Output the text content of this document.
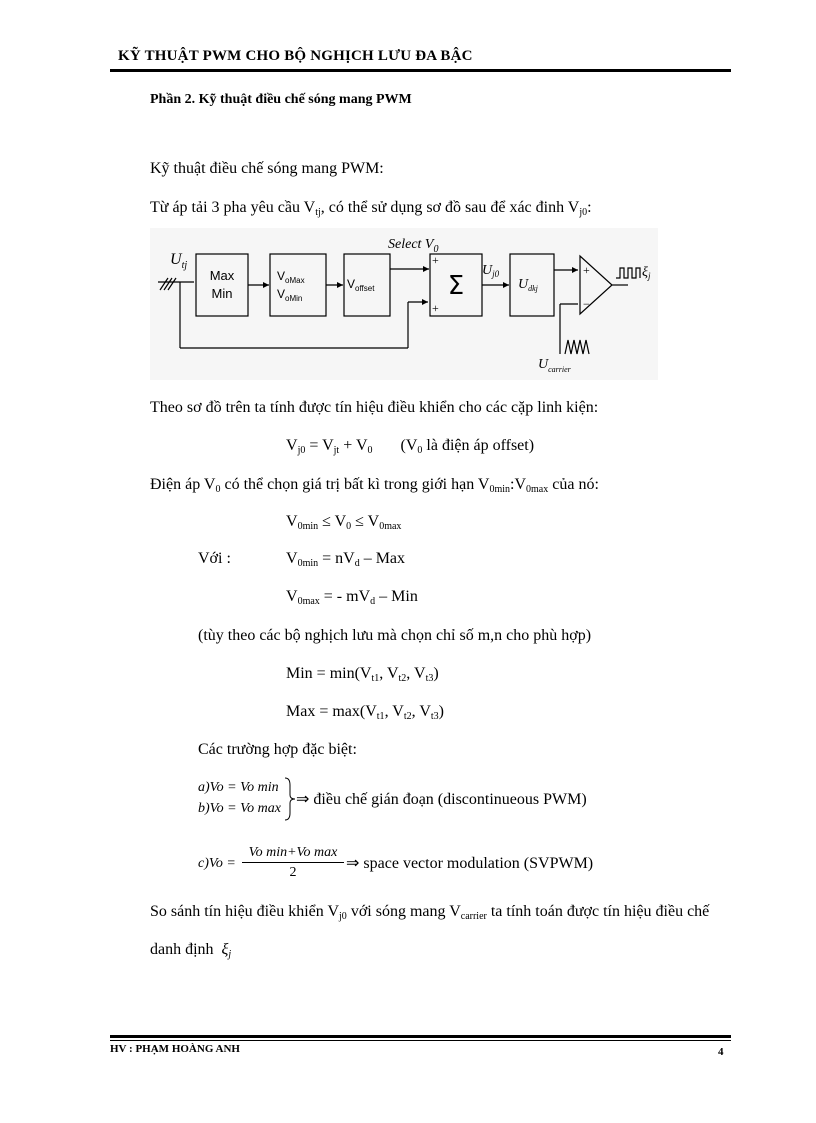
KỸ THUẬT PWM CHO BỘ NGHỊCH LƯU ĐA BẬC
Phần 2. Kỹ thuật điều chế sóng mang PWM
Kỹ thuật điều chế sóng mang PWM:
Từ áp tải 3 pha yêu cầu $V_{tj}$, có thể sử dụng sơ đồ sau để xác đinh $V_{j0}$:
$U_{tj}$
Max
Min
$V_{oMax}$
$V_{oMin}$
$V_{offset}$
Select $V_0$
+
+
Σ
$U_{j0}$
$U_{dkj}$
+
−
$\xi_j$
$U_{carrier}$
Theo sơ đồ trên ta tính được tín hiệu điều khiển cho các cặp linh kiện:
$V_{j0} = V_{jt} + V_0$ ($V_0$ là điện áp offset)
Điện áp $V_0$ có thể chọn giá trị bất kì trong giới hạn $V_{0min}:V_{0max}$ của nó:
$V_{0min} \le V_0 \le V_{0max}$
Với :	$V_{0min} = nV_d$ – Max
$V_{0max}$ = - $mV_d$ – Min
(tùy theo các bộ nghịch lưu mà chọn chỉ số m,n cho phù hợp)
Min = $\min(V_{t1}$, $V_{t2}$, $V_{t3}$)
Max = $\max(V_{t1}$, $V_{t2}$, $V_{t3}$)
Các trường hợp đặc biệt:
a)Vo = Vo min
b)Vo = Vo max
⇒ điều chế gián đoạn (discontinueous PWM)
c)Vo =
Vo min+Vo max
2
⇒ space vector modulation (SVPWM)
So sánh tín hiệu điều khiển $V_{j0}$ với sóng mang $V_{carrier}$ ta tính toán được tín hiệu điều chế
danh định $\xi_j$
HV : PHẠM HOÀNG ANH	4
